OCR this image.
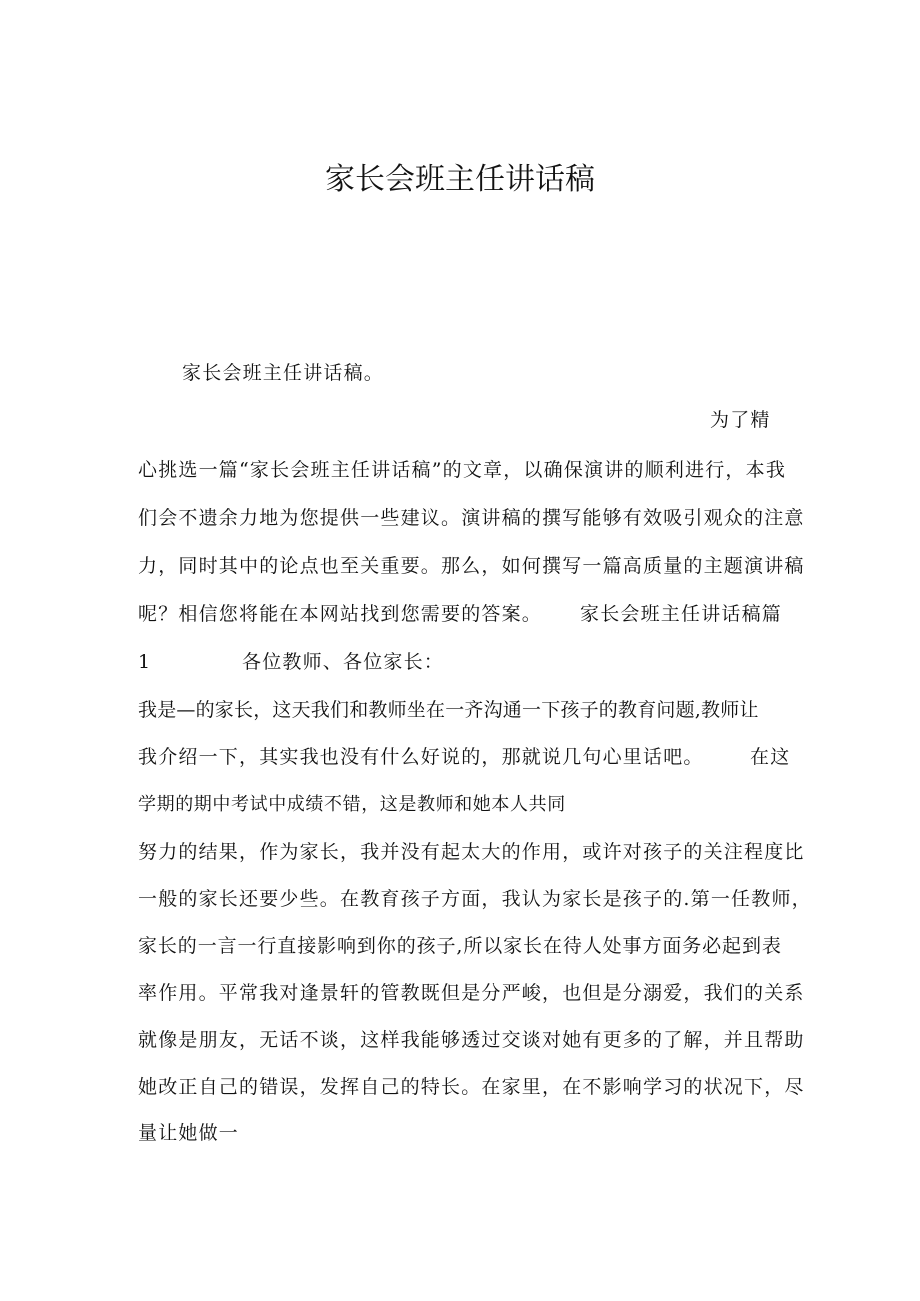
家长会班主任讲话稿
家长会班主任讲话稿。
为了精
心挑选一篇“家长会班主任讲话稿”的文章，以确保演讲的顺利进行，本我
们会不遗余力地为您提供一些建议。演讲稿的撰写能够有效吸引观众的注意
力，同时其中的论点也至关重要。那么，如何撰写一篇高质量的主题演讲稿
呢？相信您将能在本网站找到您需要的答案。 家长会班主任讲话稿篇
1	各位教师、各位家长：
我是—的家长，这天我们和教师坐在一齐沟通一下孩子的教育问题,教师让
我介绍一下，其实我也没有什么好说的，那就说几句心里话吧。 在这
学期的期中考试中成绩不错，这是教师和她本人共同
努力的结果，作为家长，我并没有起太大的作用，或许对孩子的关注程度比
一般的家长还要少些。在教育孩子方面，我认为家长是孩子的.第一任教师，
家长的一言一行直接影响到你的孩子,所以家长在待人处事方面务必起到表
率作用。平常我对逢景轩的管教既但是分严峻，也但是分溺爱，我们的关系
就像是朋友，无话不谈，这样我能够透过交谈对她有更多的了解，并且帮助
她改正自己的错误，发挥自己的特长。在家里，在不影响学习的状况下，尽
量让她做一
